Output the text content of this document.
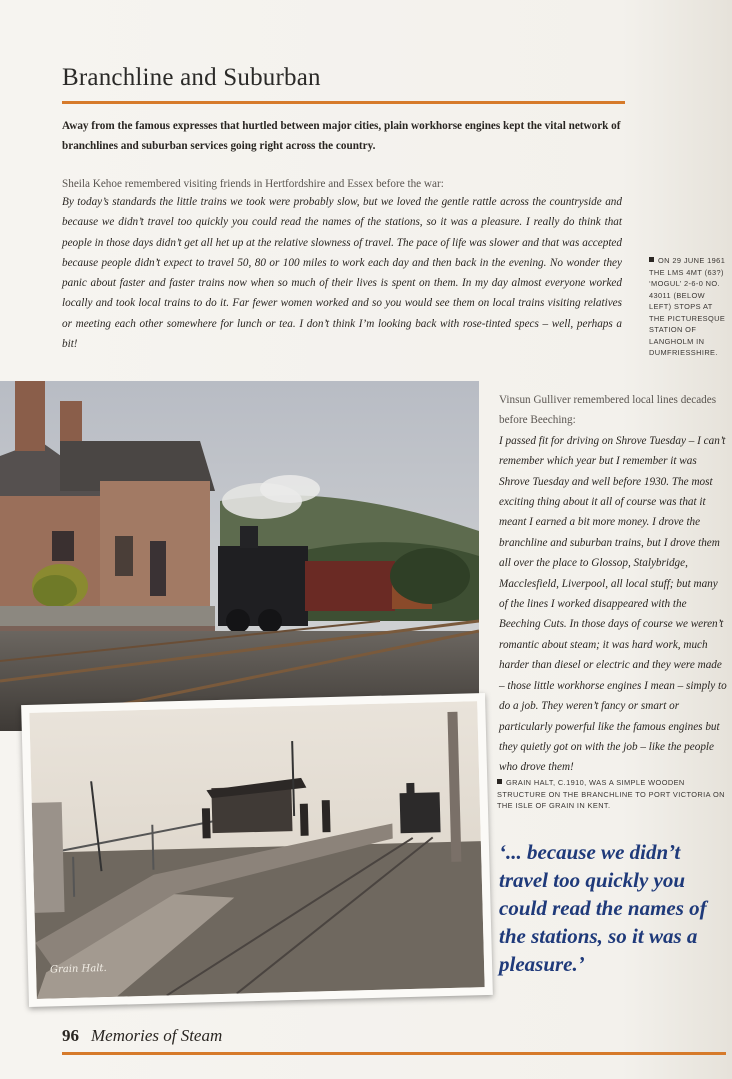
Branchline and Suburban
Away from the famous expresses that hurtled between major cities, plain workhorse engines kept the vital network of branchlines and suburban services going right across the country.
Sheila Kehoe remembered visiting friends in Hertfordshire and Essex before the war:
By today’s standards the little trains we took were probably slow, but we loved the gentle rattle across the countryside and because we didn’t travel too quickly you could read the names of the stations, so it was a pleasure. I really do think that people in those days didn’t get all het up at the relative slowness of travel. The pace of life was slower and that was accepted because people didn’t expect to travel 50, 80 or 100 miles to work each day and then back in the evening. No wonder they panic about faster and faster trains now when so much of their lives is spent on them. In my day almost everyone worked locally and took local trains to do it. Far fewer women worked and so you would see them on local trains visiting relatives or meeting each other somewhere for lunch or tea. I don’t think I’m looking back with rose-tinted specs – well, perhaps a bit!
ON 29 JUNE 1961 THE LMS 4MT (63?) ‘MOGUL’ 2-6-0 NO. 43011 (BELOW LEFT) STOPS AT THE PICTURESQUE STATION OF LANGHOLM IN DUMFRIESSHIRE.
Grain Halt.
Vinsun Gulliver remembered local lines decades before Beeching:
I passed fit for driving on Shrove Tuesday – I can’t remember which year but I remember it was Shrove Tuesday and well before 1930. The most exciting thing about it all of course was that it meant I earned a bit more money. I drove the branchline and suburban trains, but I drove them all over the place to Glossop, Stalybridge, Macclesfield, Liverpool, all local stuff; but many of the lines I worked disappeared with the Beeching Cuts. In those days of course we weren’t romantic about steam; it was hard work, much harder than diesel or electric and they were made – those little workhorse engines I mean – simply to do a job. They weren’t fancy or smart or particularly powerful like the famous engines but they quietly got on with the job – like the people who drove them!
GRAIN HALT, C.1910, WAS A SIMPLE WOODEN STRUCTURE ON THE BRANCHLINE TO PORT VICTORIA ON THE ISLE OF GRAIN IN KENT.
‘... because we didn’t travel too quickly you could read the names of the stations, so it was a pleasure.’
96 Memories of Steam
